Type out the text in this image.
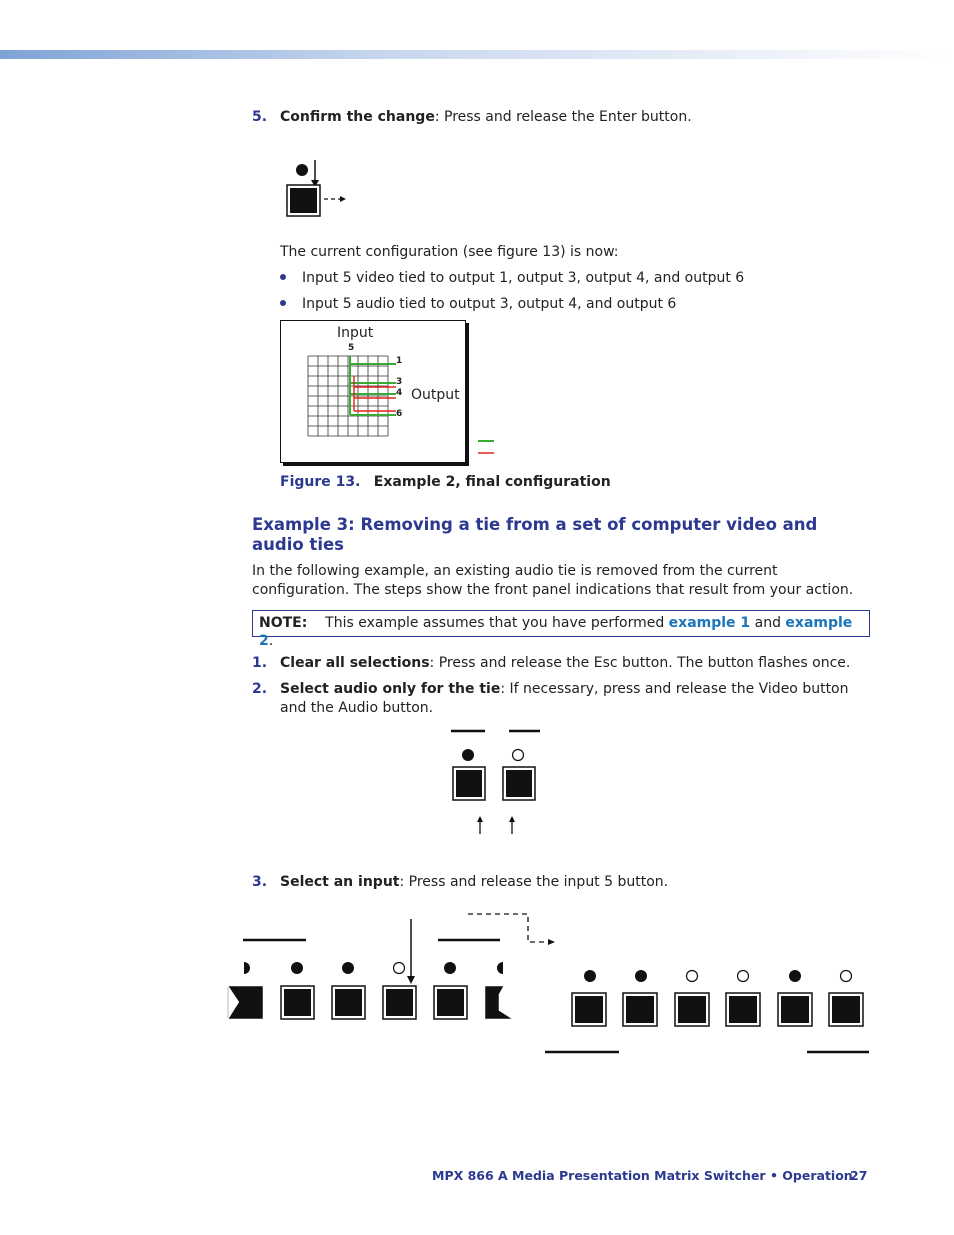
5. Confirm the change: Press and release the Enter button.
The current configuration (see figure 13) is now:
Input 5 video tied to output 1, output 3, output 4, and output 6
Input 5 audio tied to output 3, output 4, and output 6
Input
5
Output
1
3
4
6
Figure 13. Example 2, final configuration
Example 3: Removing a tie from a set of computer video and audio ties
In the following example, an existing audio tie is removed from the current configuration. The steps show the front panel indications that result from your action.
NOTE: This example assumes that you have performed example 1 and example 2.
1. Clear all selections: Press and release the Esc button. The button flashes once.
2. Select audio only for the tie: If necessary, press and release the Video button and the Audio button.
3. Select an input: Press and release the input 5 button.
MPX 866 A Media Presentation Matrix Switcher • Operation
27
